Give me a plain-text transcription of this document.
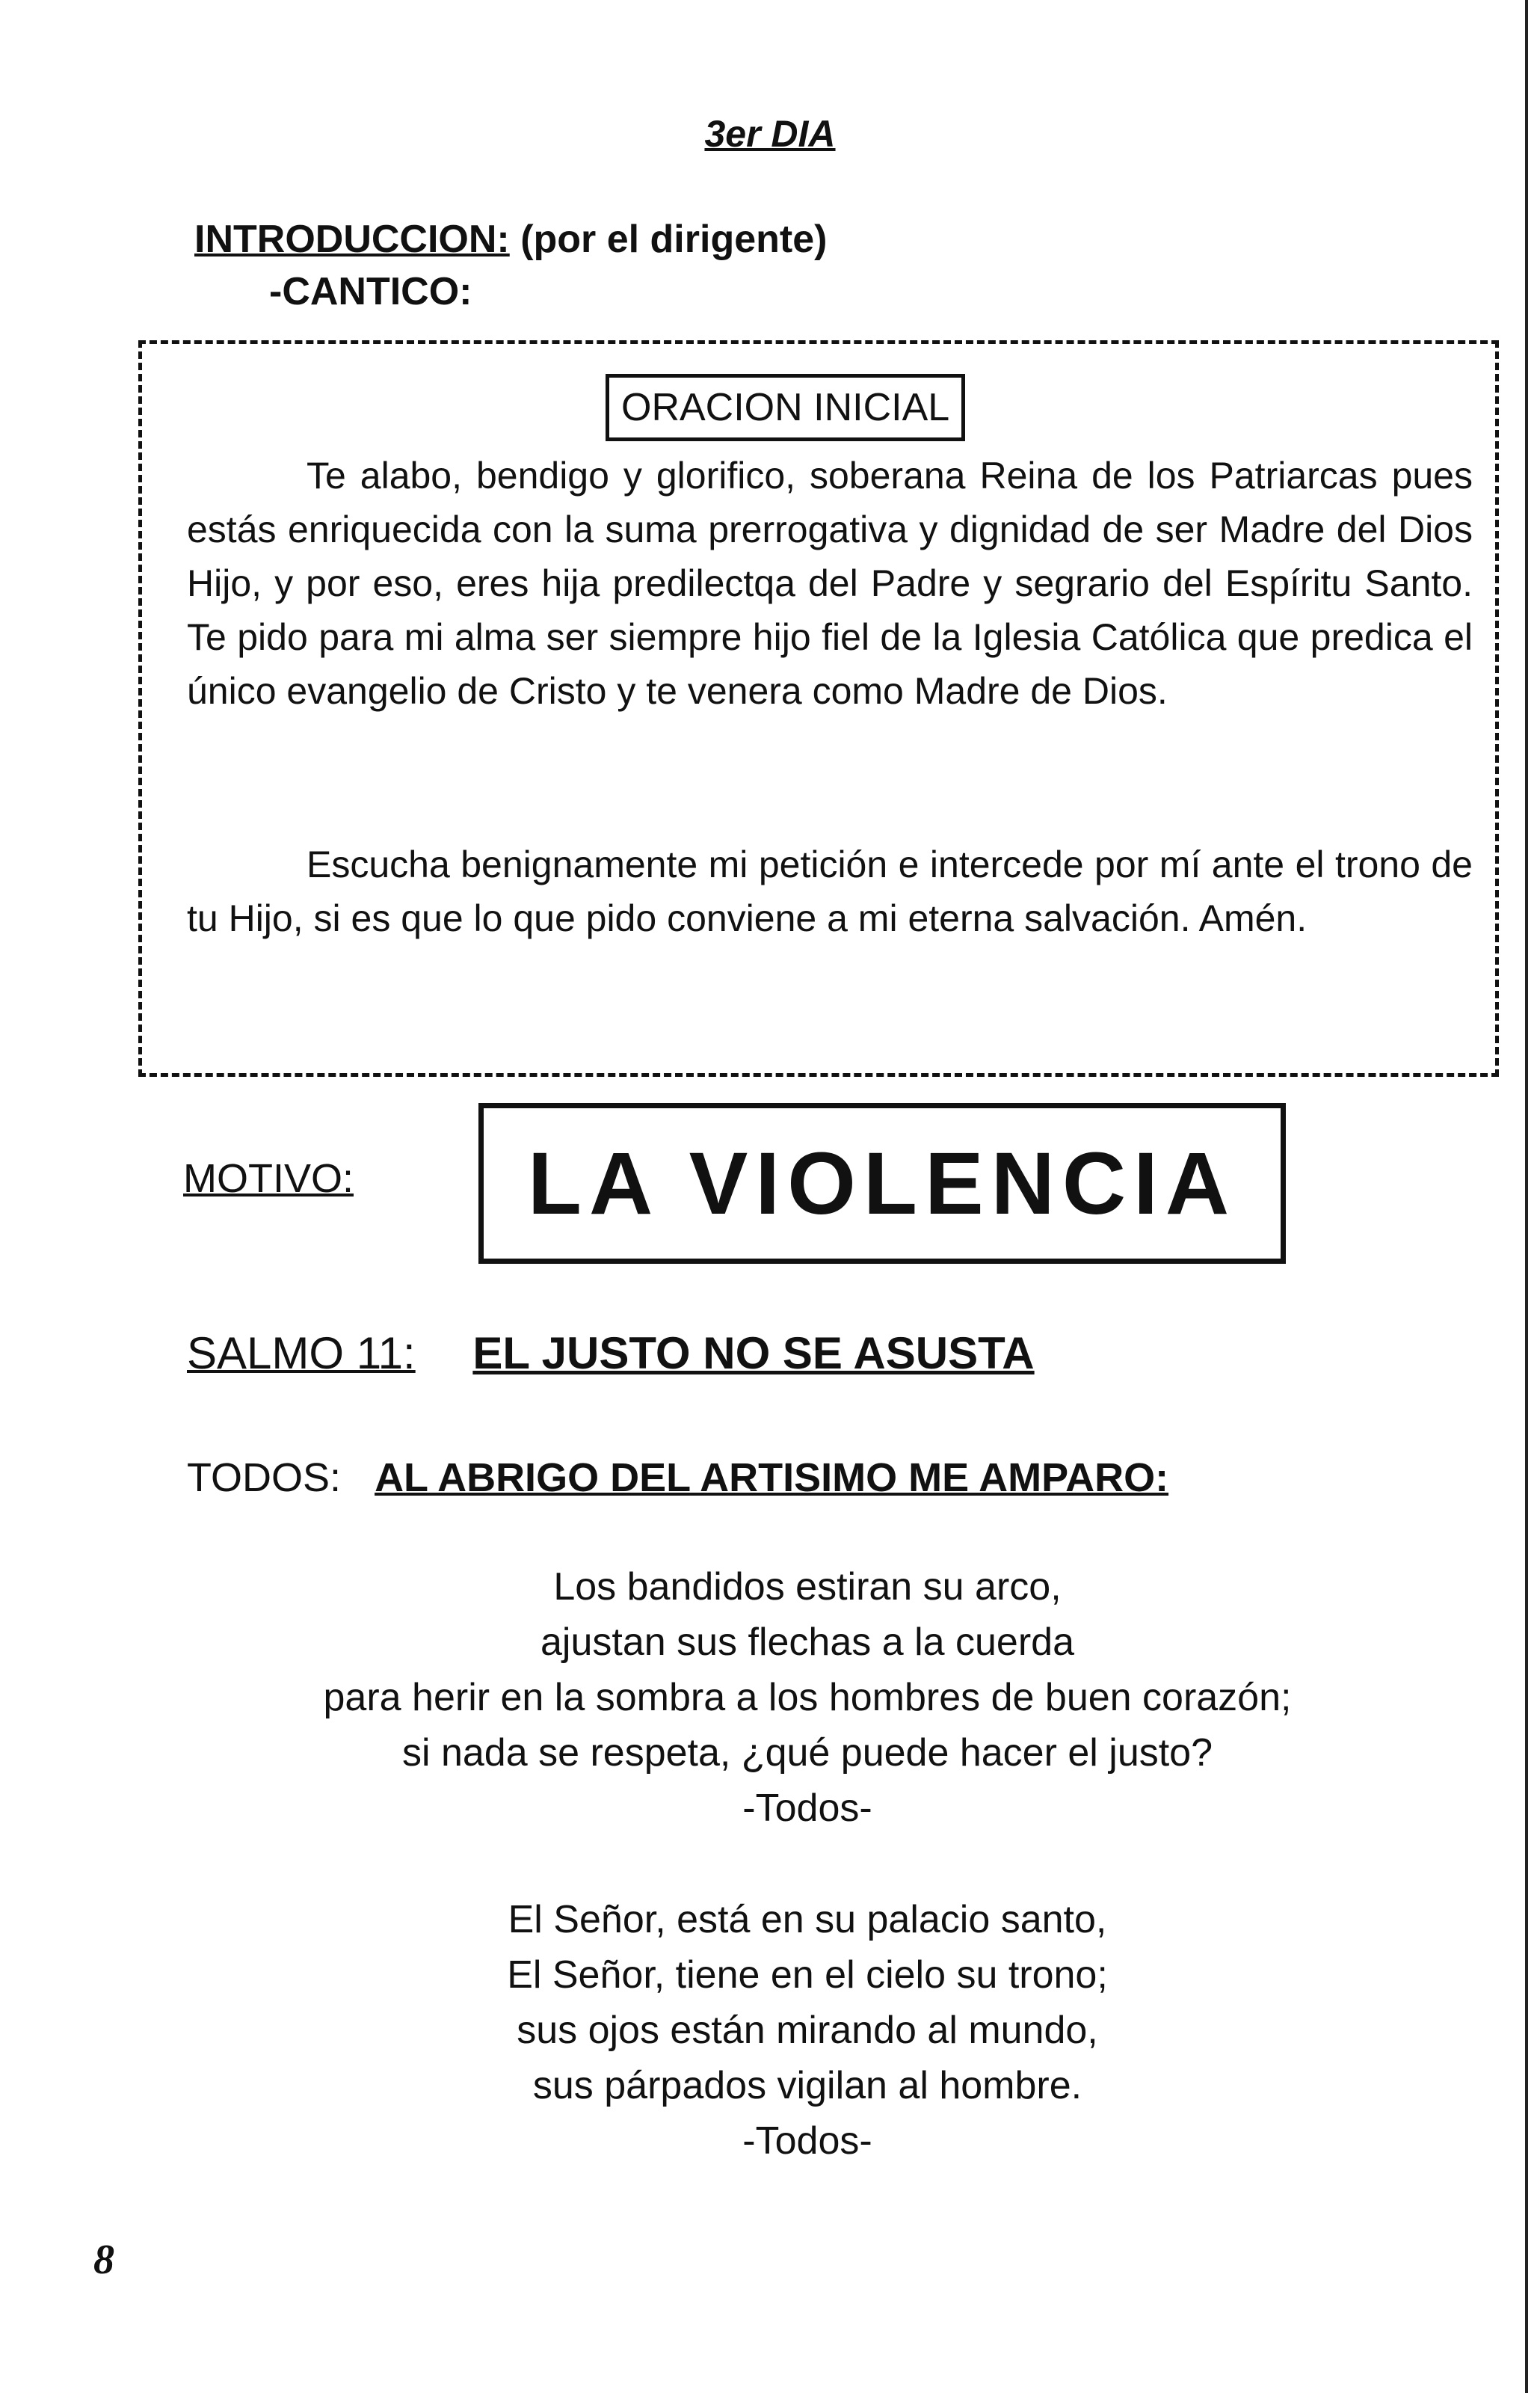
3er DIA
INTRODUCCION: (por el dirigente)
-CANTICO:
ORACION INICIAL

Te alabo, bendigo y glorifico, soberana Reina de los Patriarcas pues estás enriquecida con la suma prerrogativa y dignidad de ser Madre del Dios Hijo, y por eso, eres hija predilectqa del Padre y segrario del Espíritu Santo. Te pido para mi alma ser siempre hijo fiel de la Iglesia Católica que predica el único evangelio de Cristo y te venera como Madre de Dios.

Escucha benignamente mi petición e intercede por mí ante el trono de tu Hijo, si es que lo que pido conviene a mi eterna salvación. Amén.

MOTIVO: LA VIOLENCIA
SALMO 11: EL JUSTO NO SE ASUSTA
TODOS: AL ABRIGO DEL ARTISIMO ME AMPARO:
Los bandidos estiran su arco,
ajustan sus flechas a la cuerda
para herir en la sombra a los hombres de buen corazón;
si nada se respeta, ¿qué puede hacer el justo?
-Todos-
El Señor, está en su palacio santo,
El Señor, tiene en el cielo su trono;
sus ojos están mirando al mundo,
sus párpados vigilan al hombre.
-Todos-
8
